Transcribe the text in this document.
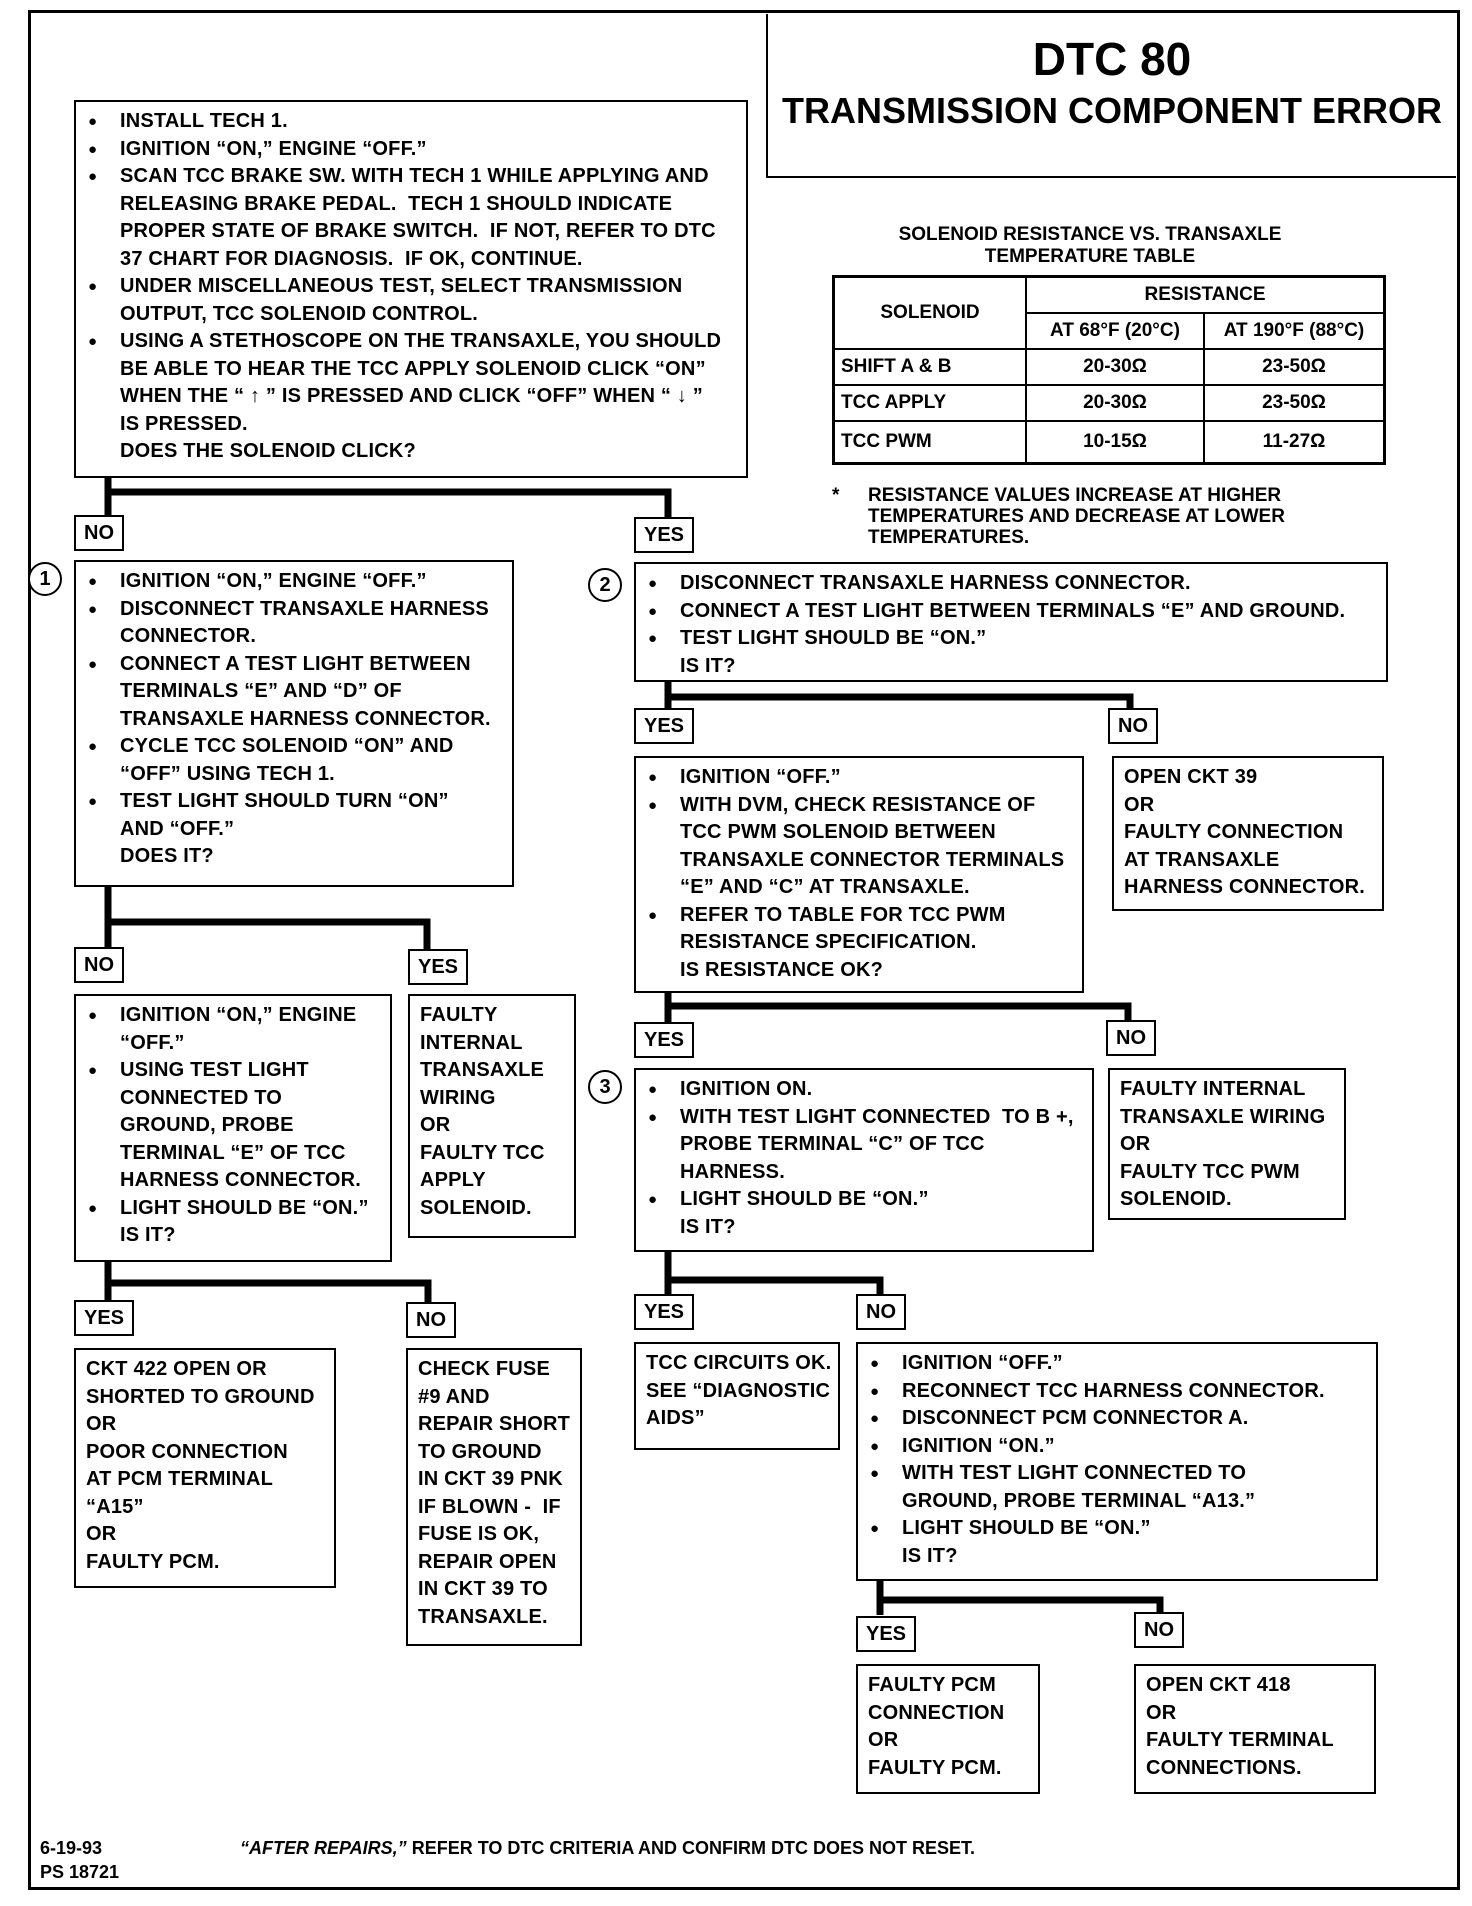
DTC 80
TRANSMISSION COMPONENT ERROR
● INSTALL TECH 1.
● IGNITION “ON,” ENGINE “OFF.”
● SCAN TCC BRAKE SW. WITH TECH 1 WHILE APPLYING AND
RELEASING BRAKE PEDAL.  TECH 1 SHOULD INDICATE
PROPER STATE OF BRAKE SWITCH.  IF NOT, REFER TO DTC
37 CHART FOR DIAGNOSIS.  IF OK, CONTINUE.
● UNDER MISCELLANEOUS TEST, SELECT TRANSMISSION
OUTPUT, TCC SOLENOID CONTROL.
● USING A STETHOSCOPE ON THE TRANSAXLE, YOU SHOULD
BE ABLE TO HEAR THE TCC APPLY SOLENOID CLICK “ON”
WHEN THE “ ↑ ” IS PRESSED AND CLICK “OFF” WHEN “ ↓ ”
IS PRESSED.
DOES THE SOLENOID CLICK?
SOLENOID RESISTANCE VS. TRANSAXLE
TEMPERATURE TABLE
SOLENOID	RESISTANCE	
	AT 68°F (20°C)	AT 190°F (88°C)
SHIFT A & B	20-30Ω	23-50Ω
TCC APPLY	20-30Ω	23-50Ω
TCC PWM	10-15Ω	11-27Ω
* RESISTANCE VALUES INCREASE AT HIGHER
TEMPERATURES AND DECREASE AT LOWER
TEMPERATURES.
NO	YES
1	2
3
● IGNITION “ON,” ENGINE “OFF.”
● DISCONNECT TRANSAXLE HARNESS
CONNECTOR.
● CONNECT A TEST LIGHT BETWEEN
TERMINALS “E” AND “D” OF
TRANSAXLE HARNESS CONNECTOR.
● CYCLE TCC SOLENOID “ON” AND
“OFF” USING TECH 1.
● TEST LIGHT SHOULD TURN “ON”
AND “OFF.”
DOES IT?
● DISCONNECT TRANSAXLE HARNESS CONNECTOR.
● CONNECT A TEST LIGHT BETWEEN TERMINALS “E” AND GROUND.
● TEST LIGHT SHOULD BE “ON.”
IS IT?
YES	NO
● IGNITION “OFF.”
● WITH DVM, CHECK RESISTANCE OF
TCC PWM SOLENOID BETWEEN
TRANSAXLE CONNECTOR TERMINALS
“E” AND “C” AT TRANSAXLE.
● REFER TO TABLE FOR TCC PWM
RESISTANCE SPECIFICATION.
IS RESISTANCE OK?
OPEN CKT 39
OR
FAULTY CONNECTION
AT TRANSAXLE
HARNESS CONNECTOR.
NO	YES
● IGNITION “ON,” ENGINE
“OFF.”
● USING TEST LIGHT
CONNECTED TO
GROUND, PROBE
TERMINAL “E” OF TCC
HARNESS CONNECTOR.
● LIGHT SHOULD BE “ON.”
IS IT?
FAULTY
INTERNAL
TRANSAXLE
WIRING
OR
FAULTY TCC
APPLY
SOLENOID.
YES	NO
● IGNITION ON.
● WITH TEST LIGHT CONNECTED  TO B +,
PROBE TERMINAL “C” OF TCC
HARNESS.
● LIGHT SHOULD BE “ON.”
IS IT?
FAULTY INTERNAL
TRANSAXLE WIRING
OR
FAULTY TCC PWM
SOLENOID.
YES	NO	YES	NO
CKT 422 OPEN OR
SHORTED TO GROUND
OR
POOR CONNECTION
AT PCM TERMINAL
“A15”
OR
FAULTY PCM.
CHECK FUSE
#9 AND
REPAIR SHORT
TO GROUND
IN CKT 39 PNK
IF BLOWN -  IF
FUSE IS OK,
REPAIR OPEN
IN CKT 39 TO
TRANSAXLE.
TCC CIRCUITS OK.
SEE “DIAGNOSTIC
AIDS”
● IGNITION “OFF.”
● RECONNECT TCC HARNESS CONNECTOR.
● DISCONNECT PCM CONNECTOR A.
● IGNITION “ON.”
● WITH TEST LIGHT CONNECTED TO
GROUND, PROBE TERMINAL “A13.”
● LIGHT SHOULD BE “ON.”
IS IT?
YES	NO
FAULTY PCM
CONNECTION
OR
FAULTY PCM.
OPEN CKT 418
OR
FAULTY TERMINAL
CONNECTIONS.
6-19-93
PS 18721
“AFTER REPAIRS,” REFER TO DTC CRITERIA AND CONFIRM DTC DOES NOT RESET.
